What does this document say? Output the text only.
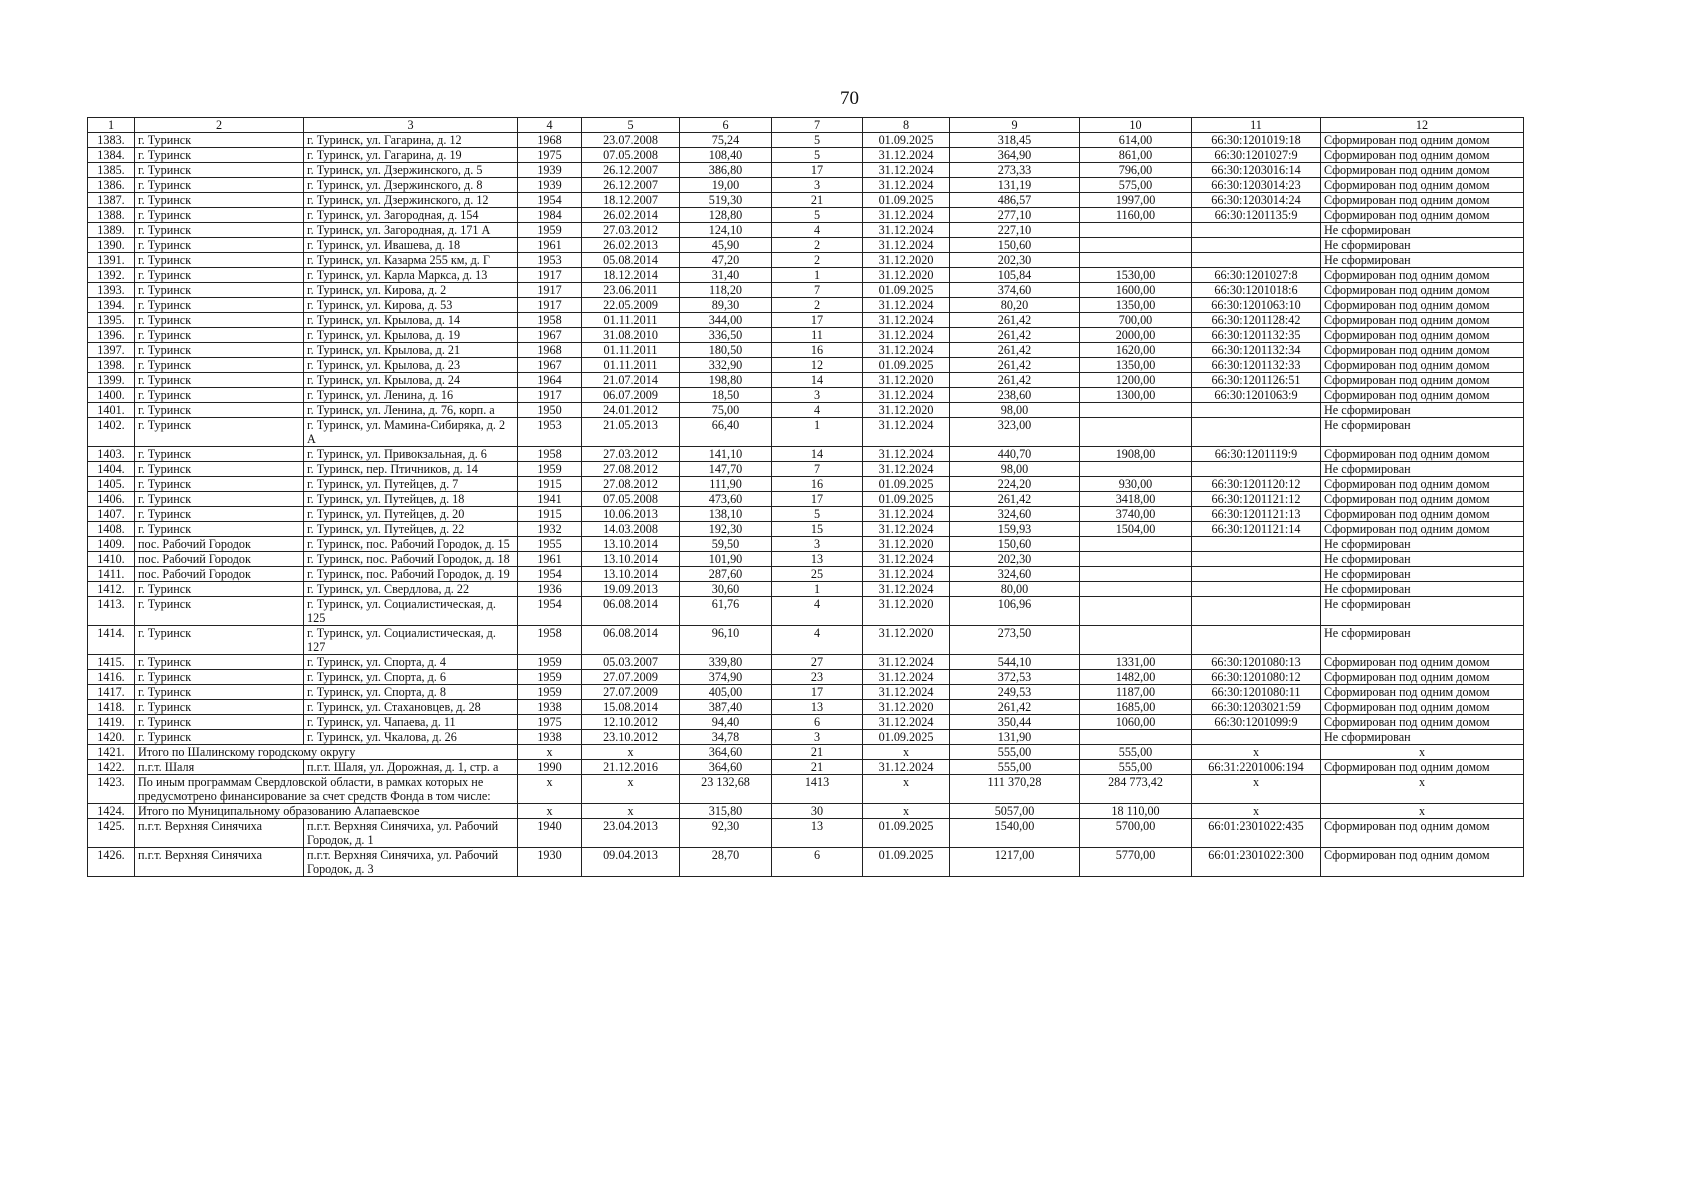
70
1	2	3	4	5	6	7	8	9	10	11	12
1383.	г. Туринск	г. Туринск, ул. Гагарина, д. 12	1968	23.07.2008	75,24	5	01.09.2025	318,45	614,00	66:30:1201019:18	Сформирован под одним домом
1384.	г. Туринск	г. Туринск, ул. Гагарина, д. 19	1975	07.05.2008	108,40	5	31.12.2024	364,90	861,00	66:30:1201027:9	Сформирован под одним домом
1385.	г. Туринск	г. Туринск, ул. Дзержинского, д. 5	1939	26.12.2007	386,80	17	31.12.2024	273,33	796,00	66:30:1203016:14	Сформирован под одним домом
1386.	г. Туринск	г. Туринск, ул. Дзержинского, д. 8	1939	26.12.2007	19,00	3	31.12.2024	131,19	575,00	66:30:1203014:23	Сформирован под одним домом
1387.	г. Туринск	г. Туринск, ул. Дзержинского, д. 12	1954	18.12.2007	519,30	21	01.09.2025	486,57	1997,00	66:30:1203014:24	Сформирован под одним домом
1388.	г. Туринск	г. Туринск, ул. Загородная, д. 154	1984	26.02.2014	128,80	5	31.12.2024	277,10	1160,00	66:30:1201135:9	Сформирован под одним домом
1389.	г. Туринск	г. Туринск, ул. Загородная, д. 171 А	1959	27.03.2012	124,10	4	31.12.2024	227,10			Не сформирован
1390.	г. Туринск	г. Туринск, ул. Ивашева, д. 18	1961	26.02.2013	45,90	2	31.12.2024	150,60			Не сформирован
1391.	г. Туринск	г. Туринск, ул. Казарма 255 км, д. Г	1953	05.08.2014	47,20	2	31.12.2020	202,30			Не сформирован
1392.	г. Туринск	г. Туринск, ул. Карла Маркса, д. 13	1917	18.12.2014	31,40	1	31.12.2020	105,84	1530,00	66:30:1201027:8	Сформирован под одним домом
1393.	г. Туринск	г. Туринск, ул. Кирова, д. 2	1917	23.06.2011	118,20	7	01.09.2025	374,60	1600,00	66:30:1201018:6	Сформирован под одним домом
1394.	г. Туринск	г. Туринск, ул. Кирова, д. 53	1917	22.05.2009	89,30	2	31.12.2024	80,20	1350,00	66:30:1201063:10	Сформирован под одним домом
1395.	г. Туринск	г. Туринск, ул. Крылова, д. 14	1958	01.11.2011	344,00	17	31.12.2024	261,42	700,00	66:30:1201128:42	Сформирован под одним домом
1396.	г. Туринск	г. Туринск, ул. Крылова, д. 19	1967	31.08.2010	336,50	11	31.12.2024	261,42	2000,00	66:30:1201132:35	Сформирован под одним домом
1397.	г. Туринск	г. Туринск, ул. Крылова, д. 21	1968	01.11.2011	180,50	16	31.12.2024	261,42	1620,00	66:30:1201132:34	Сформирован под одним домом
1398.	г. Туринск	г. Туринск, ул. Крылова, д. 23	1967	01.11.2011	332,90	12	01.09.2025	261,42	1350,00	66:30:1201132:33	Сформирован под одним домом
1399.	г. Туринск	г. Туринск, ул. Крылова, д. 24	1964	21.07.2014	198,80	14	31.12.2020	261,42	1200,00	66:30:1201126:51	Сформирован под одним домом
1400.	г. Туринск	г. Туринск, ул. Ленина, д. 16	1917	06.07.2009	18,50	3	31.12.2024	238,60	1300,00	66:30:1201063:9	Сформирован под одним домом
1401.	г. Туринск	г. Туринск, ул. Ленина, д. 76, корп. а	1950	24.01.2012	75,00	4	31.12.2020	98,00			Не сформирован
1402.	г. Туринск	г. Туринск, ул. Мамина-Сибиряка, д. 2 А	1953	21.05.2013	66,40	1	31.12.2024	323,00			Не сформирован
1403.	г. Туринск	г. Туринск, ул. Привокзальная, д. 6	1958	27.03.2012	141,10	14	31.12.2024	440,70	1908,00	66:30:1201119:9	Сформирован под одним домом
1404.	г. Туринск	г. Туринск, пер. Птичников, д. 14	1959	27.08.2012	147,70	7	31.12.2024	98,00			Не сформирован
1405.	г. Туринск	г. Туринск, ул. Путейцев, д. 7	1915	27.08.2012	111,90	16	01.09.2025	224,20	930,00	66:30:1201120:12	Сформирован под одним домом
1406.	г. Туринск	г. Туринск, ул. Путейцев, д. 18	1941	07.05.2008	473,60	17	01.09.2025	261,42	3418,00	66:30:1201121:12	Сформирован под одним домом
1407.	г. Туринск	г. Туринск, ул. Путейцев, д. 20	1915	10.06.2013	138,10	5	31.12.2024	324,60	3740,00	66:30:1201121:13	Сформирован под одним домом
1408.	г. Туринск	г. Туринск, ул. Путейцев, д. 22	1932	14.03.2008	192,30	15	31.12.2024	159,93	1504,00	66:30:1201121:14	Сформирован под одним домом
1409.	пос. Рабочий Городок	г. Туринск, пос. Рабочий Городок, д. 15	1955	13.10.2014	59,50	3	31.12.2020	150,60			Не сформирован
1410.	пос. Рабочий Городок	г. Туринск, пос. Рабочий Городок, д. 18	1961	13.10.2014	101,90	13	31.12.2024	202,30			Не сформирован
1411.	пос. Рабочий Городок	г. Туринск, пос. Рабочий Городок, д. 19	1954	13.10.2014	287,60	25	31.12.2024	324,60			Не сформирован
1412.	г. Туринск	г. Туринск, ул. Свердлова, д. 22	1936	19.09.2013	30,60	1	31.12.2024	80,00			Не сформирован
1413.	г. Туринск	г. Туринск, ул. Социалистическая, д. 125	1954	06.08.2014	61,76	4	31.12.2020	106,96			Не сформирован
1414.	г. Туринск	г. Туринск, ул. Социалистическая, д. 127	1958	06.08.2014	96,10	4	31.12.2020	273,50			Не сформирован
1415.	г. Туринск	г. Туринск, ул. Спорта, д. 4	1959	05.03.2007	339,80	27	31.12.2024	544,10	1331,00	66:30:1201080:13	Сформирован под одним домом
1416.	г. Туринск	г. Туринск, ул. Спорта, д. 6	1959	27.07.2009	374,90	23	31.12.2024	372,53	1482,00	66:30:1201080:12	Сформирован под одним домом
1417.	г. Туринск	г. Туринск, ул. Спорта, д. 8	1959	27.07.2009	405,00	17	31.12.2024	249,53	1187,00	66:30:1201080:11	Сформирован под одним домом
1418.	г. Туринск	г. Туринск, ул. Стахановцев, д. 28	1938	15.08.2014	387,40	13	31.12.2020	261,42	1685,00	66:30:1203021:59	Сформирован под одним домом
1419.	г. Туринск	г. Туринск, ул. Чапаева, д. 11	1975	12.10.2012	94,40	6	31.12.2024	350,44	1060,00	66:30:1201099:9	Сформирован под одним домом
1420.	г. Туринск	г. Туринск, ул. Чкалова, д. 26	1938	23.10.2012	34,78	3	01.09.2025	131,90			Не сформирован
1421.	Итого по Шалинскому городскому округу		x	x	364,60	21	x	555,00	555,00	x	x
1422.	п.г.т. Шаля	п.г.т. Шаля, ул. Дорожная, д. 1, стр. а	1990	21.12.2016	364,60	21	31.12.2024	555,00	555,00	66:31:2201006:194	Сформирован под одним домом
1423.	По иным программам Свердловской области, в рамках которых не предусмотрено финансирование за счет средств Фонда в том числе:		x	x	23 132,68	1413	x	111 370,28	284 773,42	x	x
1424.	Итого по Муниципальному образованию Алапаевское		x	x	315,80	30	x	5057,00	18 110,00	x	x
1425.	п.г.т. Верхняя Синячиха	п.г.т. Верхняя Синячиха, ул. Рабочий Городок, д. 1	1940	23.04.2013	92,30	13	01.09.2025	1540,00	5700,00	66:01:2301022:435	Сформирован под одним домом
1426.	п.г.т. Верхняя Синячиха	п.г.т. Верхняя Синячиха, ул. Рабочий Городок, д. 3	1930	09.04.2013	28,70	6	01.09.2025	1217,00	5770,00	66:01:2301022:300	Сформирован под одним домом
